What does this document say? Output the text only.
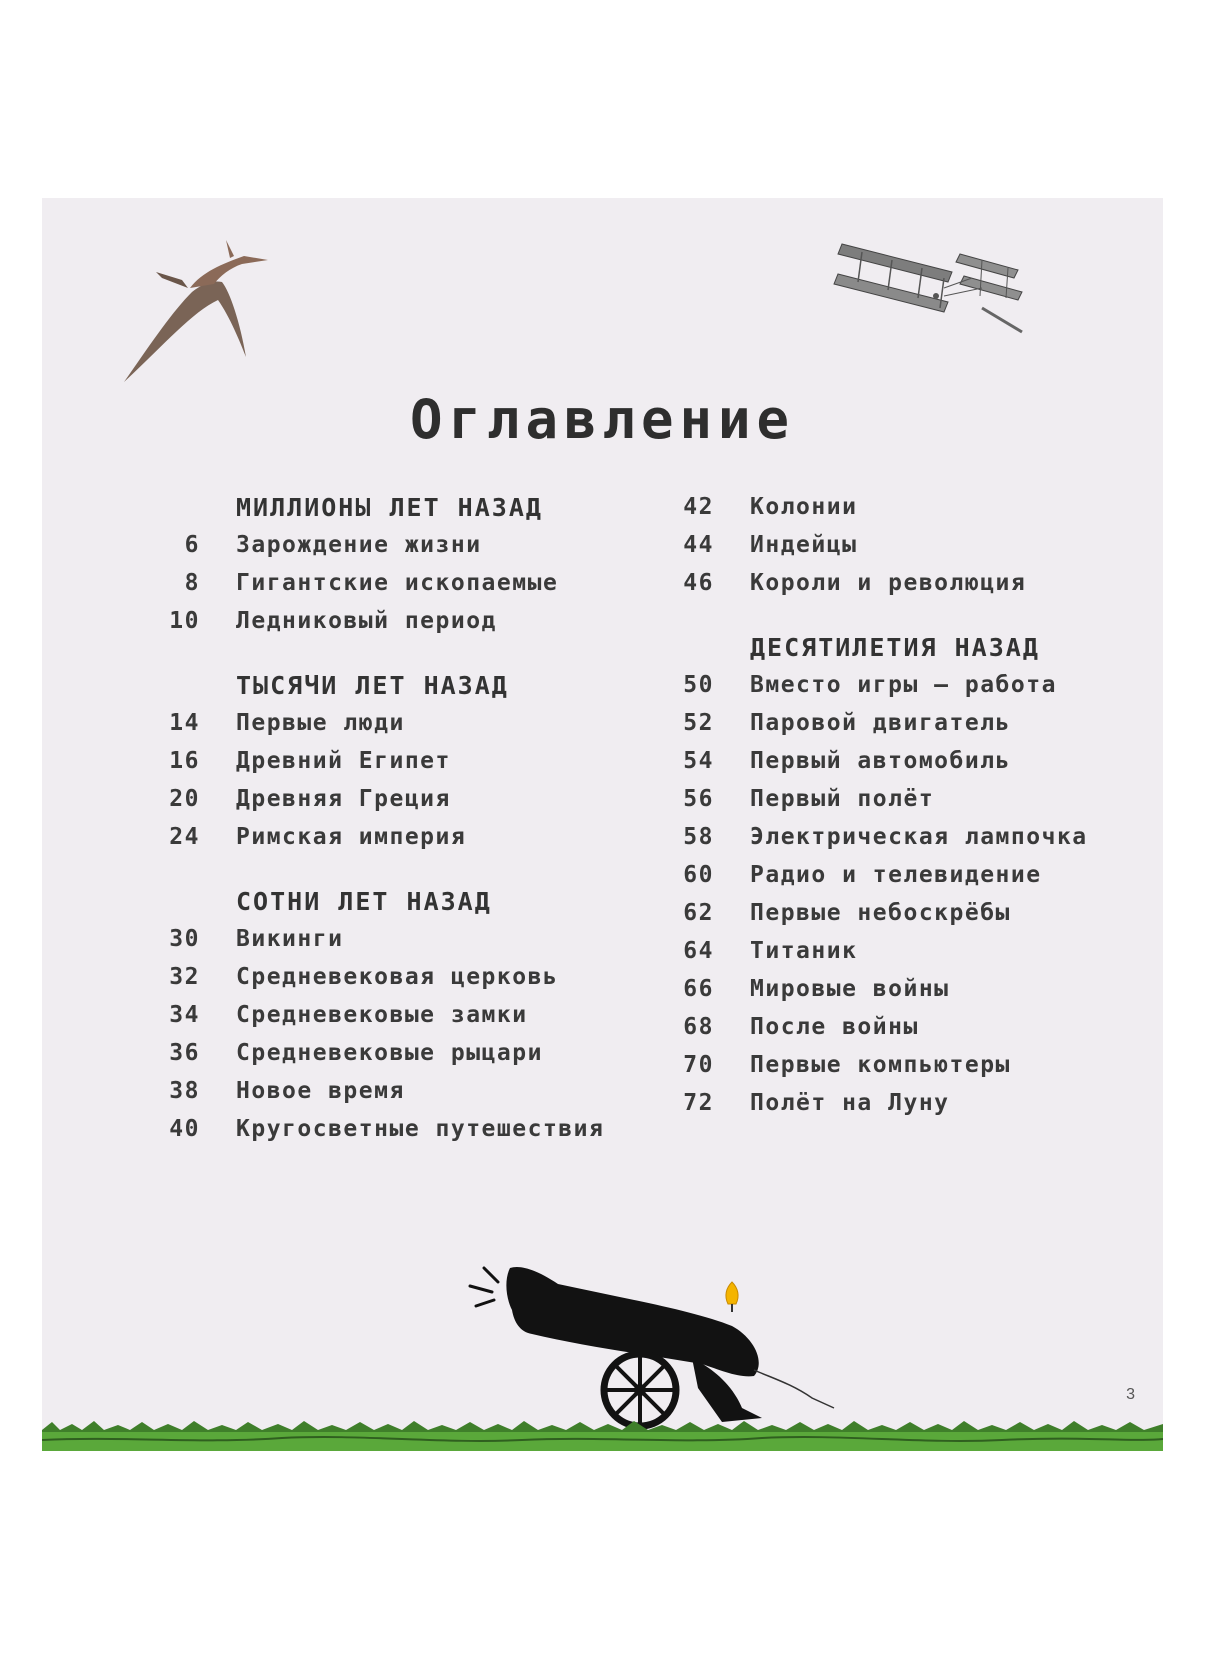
Оглавление
МИЛЛИОНЫ ЛЕТ НАЗАД
6 Зарождение жизни
8 Гигантские ископаемые
10 Ледниковый период
ТЫСЯЧИ ЛЕТ НАЗАД
14 Первые люди
16 Древний Египет
20 Древняя Греция
24 Римская империя
СОТНИ ЛЕТ НАЗАД
30 Викинги
32 Средневековая церковь
34 Средневековые замки
36 Средневековые рыцари
38 Новое время
40 Кругосветные путешествия
42 Колонии
44 Индейцы
46 Короли и революция
ДЕСЯТИЛЕТИЯ НАЗАД
50 Вместо игры – работа
52 Паровой двигатель
54 Первый автомобиль
56 Первый полёт
58 Электрическая лампочка
60 Радио и телевидение
62 Первые небоскрёбы
64 Титаник
66 Мировые войны
68 После войны
70 Первые компьютеры
72 Полёт на Луну
3
